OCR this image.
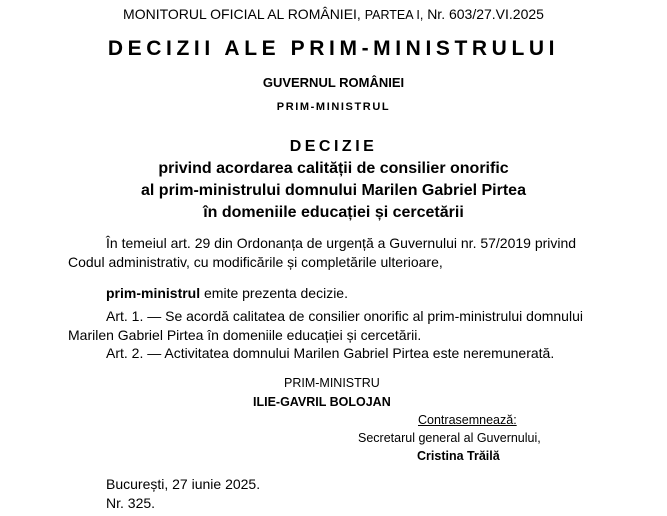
MONITORUL OFICIAL AL ROMÂNIEI, PARTEA I, Nr. 603/27.VI.2025
DECIZII ALE PRIM-MINISTRULUI
GUVERNUL ROMÂNIEI
PRIM-MINISTRUL
DECIZIE
privind acordarea calității de consilier onorific
al prim-ministrului domnului Marilen Gabriel Pirtea
în domeniile educației și cercetării
În temeiul art. 29 din Ordonanța de urgență a Guvernului nr. 57/2019 privind
Codul administrativ, cu modificările și completările ulterioare,
prim-ministrul emite prezenta decizie.
Art. 1. — Se acordă calitatea de consilier onorific al prim-ministrului domnului
Marilen Gabriel Pirtea în domeniile educației și cercetării.
Art. 2. — Activitatea domnului Marilen Gabriel Pirtea este neremunerată.
PRIM-MINISTRU
ILIE-GAVRIL BOLOJAN
Contrasemnează:
Secretarul general al Guvernului,
Cristina Trăilă
București, 27 iunie 2025.
Nr. 325.
